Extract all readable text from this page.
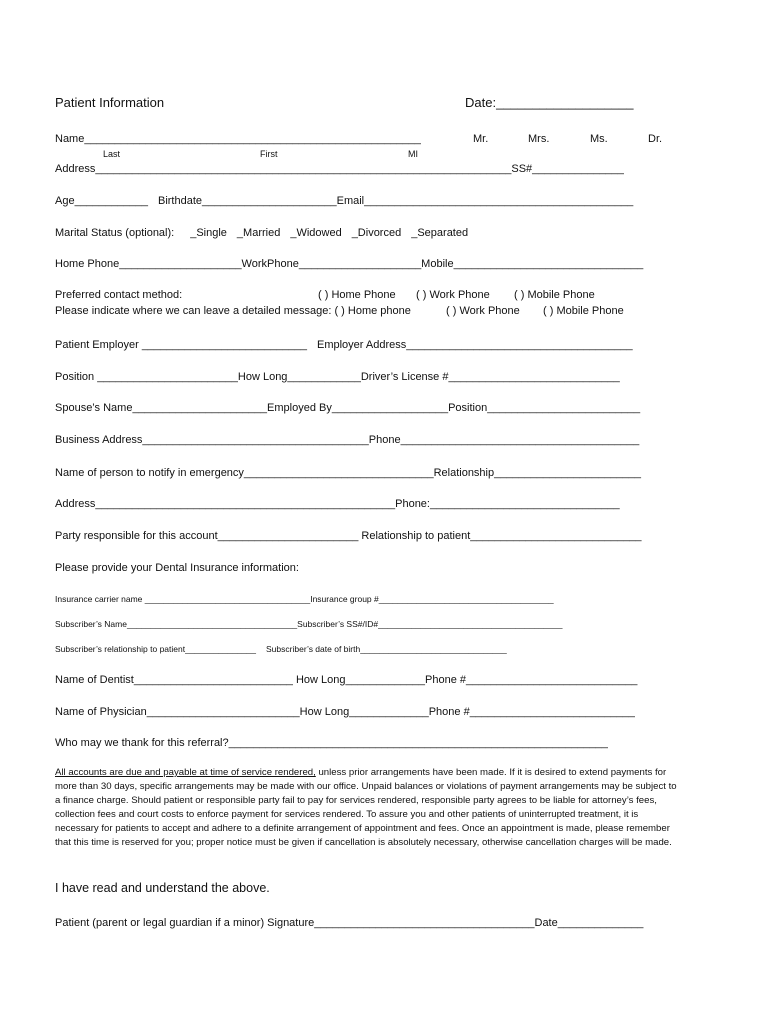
Patient Information	Date:___________________
Name_______________________________________________________	Mr.	Mrs.	Ms.	Dr.
Last	First	MI
Address____________________________________________________________________SS#_______________
Age____________ Birthdate______________________Email____________________________________________
Marital Status (optional): _Single _Married _Widowed _Divorced _Separated
Home Phone____________________WorkPhone____________________Mobile_______________________________
Preferred contact method:	( ) Home Phone ( ) Work Phone ( ) Mobile Phone
Please indicate where we can leave a detailed message: ( ) Home phone	( ) Work Phone ( ) Mobile Phone
Patient Employer ___________________________ Employer Address_____________________________________
Position _______________________How Long____________Driver’s License #____________________________
Spouse’s Name______________________Employed By___________________Position_________________________
Business Address_____________________________________Phone_______________________________________
Name of person to notify in emergency_______________________________Relationship________________________
Address_________________________________________________Phone:_______________________________
Party responsible for this account_______________________ Relationship to patient____________________________
Please provide your Dental Insurance information:
Insurance carrier name ___________________________________Insurance group #_____________________________________
Subscriber’s Name____________________________________Subscriber’s SS#/ID#_______________________________________
Subscriber’s relationship to patient_______________ Subscriber’s date of birth_______________________________
Name of Dentist__________________________ How Long_____________Phone #____________________________
Name of Physician_________________________How Long_____________Phone #___________________________
Who may we thank for this referral?______________________________________________________________
All accounts are due and payable at time of service rendered, unless prior arrangements have been made. If it is desired to extend payments for more than 30 days, specific arrangements may be made with our office. Unpaid balances or violations of payment arrangements may be subject to a finance charge. Should patient or responsible party fail to pay for services rendered, responsible party agrees to be liable for attorney’s fees, collection fees and court costs to enforce payment for services rendered. To assure you and other patients of uninterrupted treatment, it is necessary for patients to accept and adhere to a definite arrangement of appointment and fees. Once an appointment is made, please remember that this time is reserved for you; proper notice must be given if cancellation is absolutely necessary, otherwise cancellation charges will be made.
I have read and understand the above.
Patient (parent or legal guardian if a minor) Signature____________________________________Date______________
